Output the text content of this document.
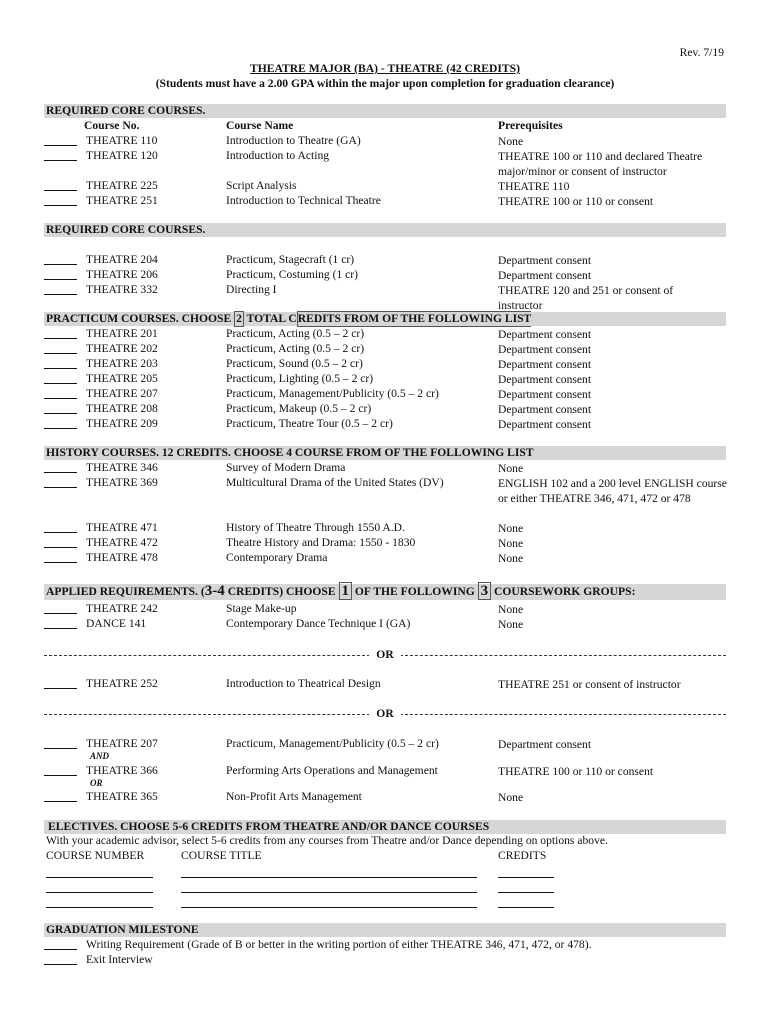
Rev. 7/19
THEATRE MAJOR (BA) - THEATRE (42 CREDITS)
(Students must have a 2.00 GPA within the major upon completion for graduation clearance)
REQUIRED CORE COURSES.
Course No.	Course Name	Prerequisites
THEATRE 110	Introduction to Theatre (GA)	None
THEATRE 120	Introduction to Acting	THEATRE 100 or 110 and declared Theatre major/minor or consent of instructor
THEATRE 225	Script Analysis	THEATRE 110
THEATRE 251	Introduction to Technical Theatre	THEATRE 100 or 110 or consent
REQUIRED CORE COURSES.
THEATRE 204	Practicum, Stagecraft (1 cr)	Department consent
THEATRE 206	Practicum, Costuming (1 cr)	Department consent
THEATRE 332	Directing I	THEATRE 120 and 251 or consent of instructor
PRACTICUM COURSES. CHOOSE 2 TOTAL CREDITS FROM OF THE FOLLOWING LIST
THEATRE 201	Practicum, Acting (0.5 – 2 cr)	Department consent
THEATRE 202	Practicum, Acting (0.5 – 2 cr)	Department consent
THEATRE 203	Practicum, Sound (0.5 – 2 cr)	Department consent
THEATRE 205	Practicum, Lighting (0.5 – 2 cr)	Department consent
THEATRE 207	Practicum, Management/Publicity (0.5 – 2 cr)	Department consent
THEATRE 208	Practicum, Makeup (0.5 – 2 cr)	Department consent
THEATRE 209	Practicum, Theatre Tour (0.5 – 2 cr)	Department consent
HISTORY COURSES. 12 CREDITS. CHOOSE 4 COURSE FROM OF THE FOLLOWING LIST
THEATRE 346	Survey of Modern Drama	None
THEATRE 369	Multicultural Drama of the United States (DV)	ENGLISH 102 and a 200 level ENGLISH course or either THEATRE 346, 471, 472 or 478
THEATRE 471	History of Theatre Through 1550 A.D.	None
THEATRE 472	Theatre History and Drama: 1550 - 1830	None
THEATRE 478	Contemporary Drama	None
APPLIED REQUIREMENTS. (3-4 CREDITS) CHOOSE 1 OF THE FOLLOWING 3 COURSEWORK GROUPS:
THEATRE 242	Stage Make-up	None
DANCE 141	Contemporary Dance Technique I (GA)	None
OR
THEATRE 252	Introduction to Theatrical Design	THEATRE 251 or consent of instructor
OR
THEATRE 207	Practicum, Management/Publicity (0.5 – 2 cr)	Department consent
AND
THEATRE 366	Performing Arts Operations and Management	THEATRE 100 or 110 or consent
OR
THEATRE 365	Non-Profit Arts Management	None
ELECTIVES. CHOOSE 5-6 CREDITS FROM THEATRE AND/OR DANCE COURSES
With your academic advisor, select 5-6 credits from any courses from Theatre and/or Dance depending on options above.
COURSE NUMBER	COURSE TITLE	CREDITS
GRADUATION MILESTONE
Writing Requirement (Grade of B or better in the writing portion of either THEATRE 346, 471, 472, or 478).
Exit Interview
